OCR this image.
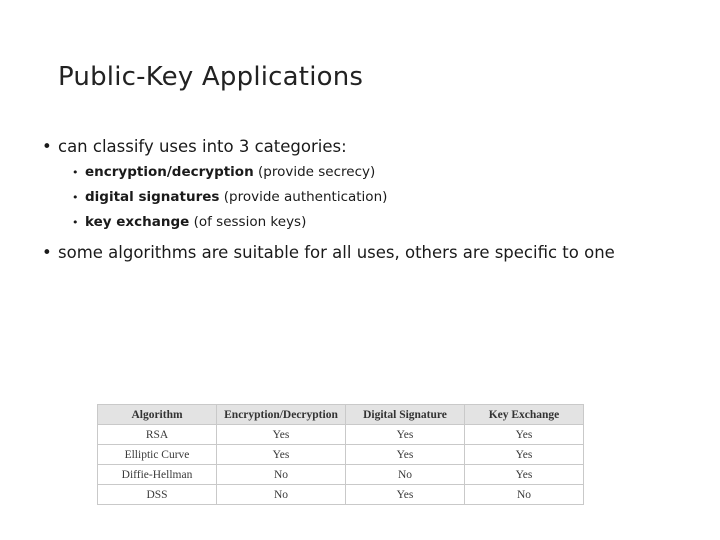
Public-Key Applications
• can classify uses into 3 categories:
• encryption/decryption (provide secrecy)
• digital signatures (provide authentication)
• key exchange (of session keys)
• some algorithms are suitable for all uses, others are specific to one
Algorithm	Encryption/Decryption	Digital Signature	Key Exchange
RSA	Yes	Yes	Yes
Elliptic Curve	Yes	Yes	Yes
Diffie-Hellman	No	No	Yes
DSS	No	Yes	No
